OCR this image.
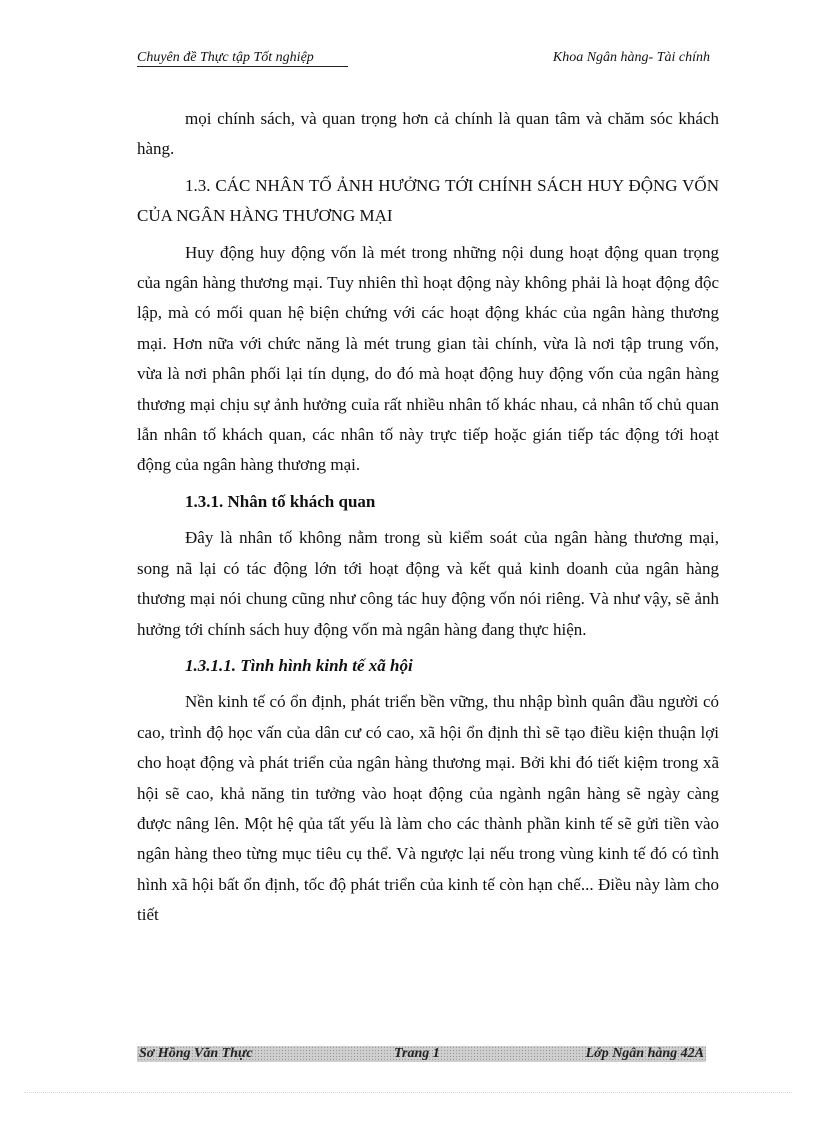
Chuyên đề Thực tập Tốt nghiệp	Khoa Ngân hàng- Tài chính

mọi chính sách, và quan trọng hơn cả chính là quan tâm và chăm sóc khách hàng.

1.3. CÁC NHÂN TỐ ẢNH HƯỞNG TỚI CHÍNH SÁCH HUY ĐỘNG VỐN CỦA NGÂN HÀNG THƯƠNG MẠI

Huy động huy động vốn là mét trong những nội dung hoạt động quan trọng của ngân hàng thương mại. Tuy nhiên thì hoạt động này không phải là hoạt động độc lập, mà có mối quan hệ biện chứng với các hoạt động khác của ngân hàng thương mại. Hơn nữa với chức năng là mét trung gian tài chính, vừa là nơi tập trung vốn, vừa là nơi phân phối lại tín dụng, do đó mà hoạt động huy động vốn của ngân hàng thương mại chịu sự ảnh hưởng cuỉa rất nhiều nhân tố khác nhau, cả nhân tố chủ quan lẫn nhân tố khách quan, các nhân tố này trực tiếp hoặc gián tiếp tác động tới hoạt động của ngân hàng thương mại.

1.3.1. Nhân tố khách quan

Đây là nhân tố không nằm trong sù kiểm soát của ngân hàng thương mại, song nã lại có tác động lớn tới hoạt động và kết quả kinh doanh của ngân hàng thương mại nói chung cũng như công tác huy động vốn nói riêng. Và như vậy, sẽ ảnh hưởng tới chính sách huy động vốn mà ngân hàng đang thực hiện.

1.3.1.1. Tình hình kinh tế xã hội

Nền kinh tế có ổn định, phát triển bền vững, thu nhập bình quân đầu người có cao, trình độ học vấn của dân cư có cao, xã hội ổn định thì sẽ tạo điều kiện thuận lợi cho hoạt động và phát triển của ngân hàng thương mại. Bởi khi đó tiết kiệm trong xã hội sẽ cao, khả năng tin tưởng vào hoạt động của ngành ngân hàng sẽ ngày càng được nâng lên. Một hệ qủa tất yếu là làm cho các thành phần kinh tế sẽ gửi tiền vào ngân hàng theo từng mục tiêu cụ thể. Và ngược lại nếu trong vùng kinh tế đó có tình hình xã hội bất ổn định, tốc độ phát triển của kinh tế còn hạn chế... Điều này làm cho tiết

Sơ Hồng Văn Thực	Trang 1	Lớp Ngân hàng 42A
